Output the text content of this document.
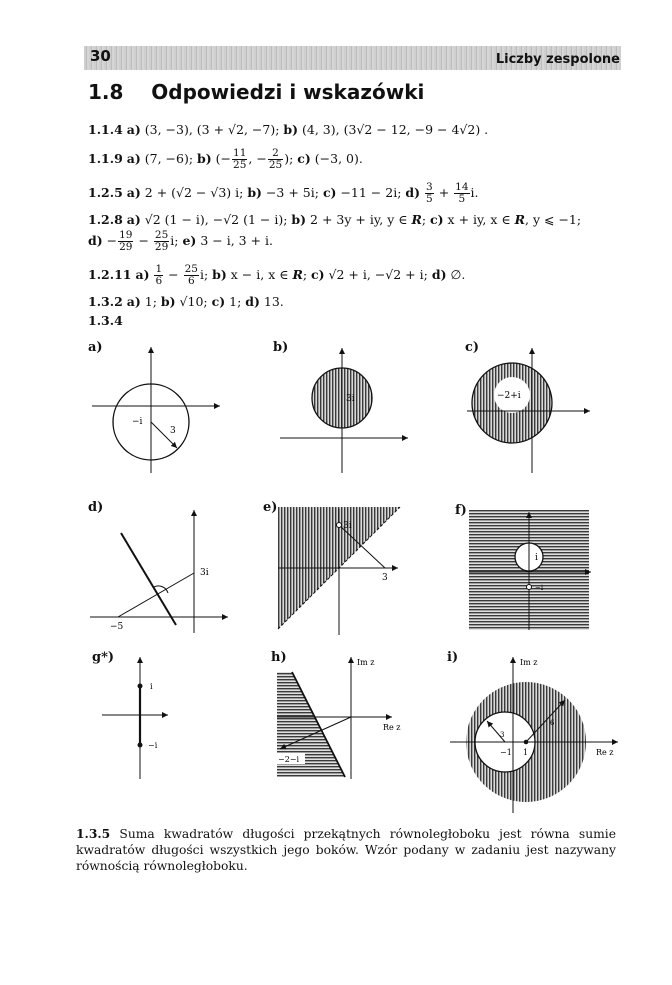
30	Liczby zespolone
1.8 Odpowiedzi i wskazówki
1.1.4 a) (3, −3), (3 + √2, −7); b) (4, 3), (3√2 − 12, −9 − 4√2) .
1.1.9 a) (7, −6); b) (− $\frac{11}{25}$ , − $\frac{2}{25}$ ); c) (−3, 0).
1.2.5 a) 2 + (√2 − √3) i; b) −3 + 5i; c) −11 − 2i; $d) \frac{3}{5} + \frac{14}{5} i$.
1.2.8 a) √2 (1 − i), −√2 (1 − i); b) 2 + 3y + iy, y ∈ R; c) x + iy, x ∈ R, y ⩽ −1;
$d) - \frac{19}{29} - \frac{25}{29} i$; e) 3 − i, 3 + i.
1.2.11 $a) \frac{1}{6} - \frac{25}{6} i$; b) x − i, x ∈ R; c) √2 + i, −√2 + i; d) ∅.
1.3.2 a) 1; b) √10; c) 1; d) 13.
1.3.4
a)
−i
3
b)
3i
c)
−2+i
d)
3i
−5
e)
3i
3
f)
i
−i
g*)
i
−i
h)
−2−i
Im z
Re z
i)
3
6
−1 1
Im z
Re z
1.3.5 Suma kwadratów długości przekątnych równoległoboku jest równa sumie kwadratów długości wszystkich jego boków. Wzór podany w zadaniu jest nazywany równością równoległoboku.
